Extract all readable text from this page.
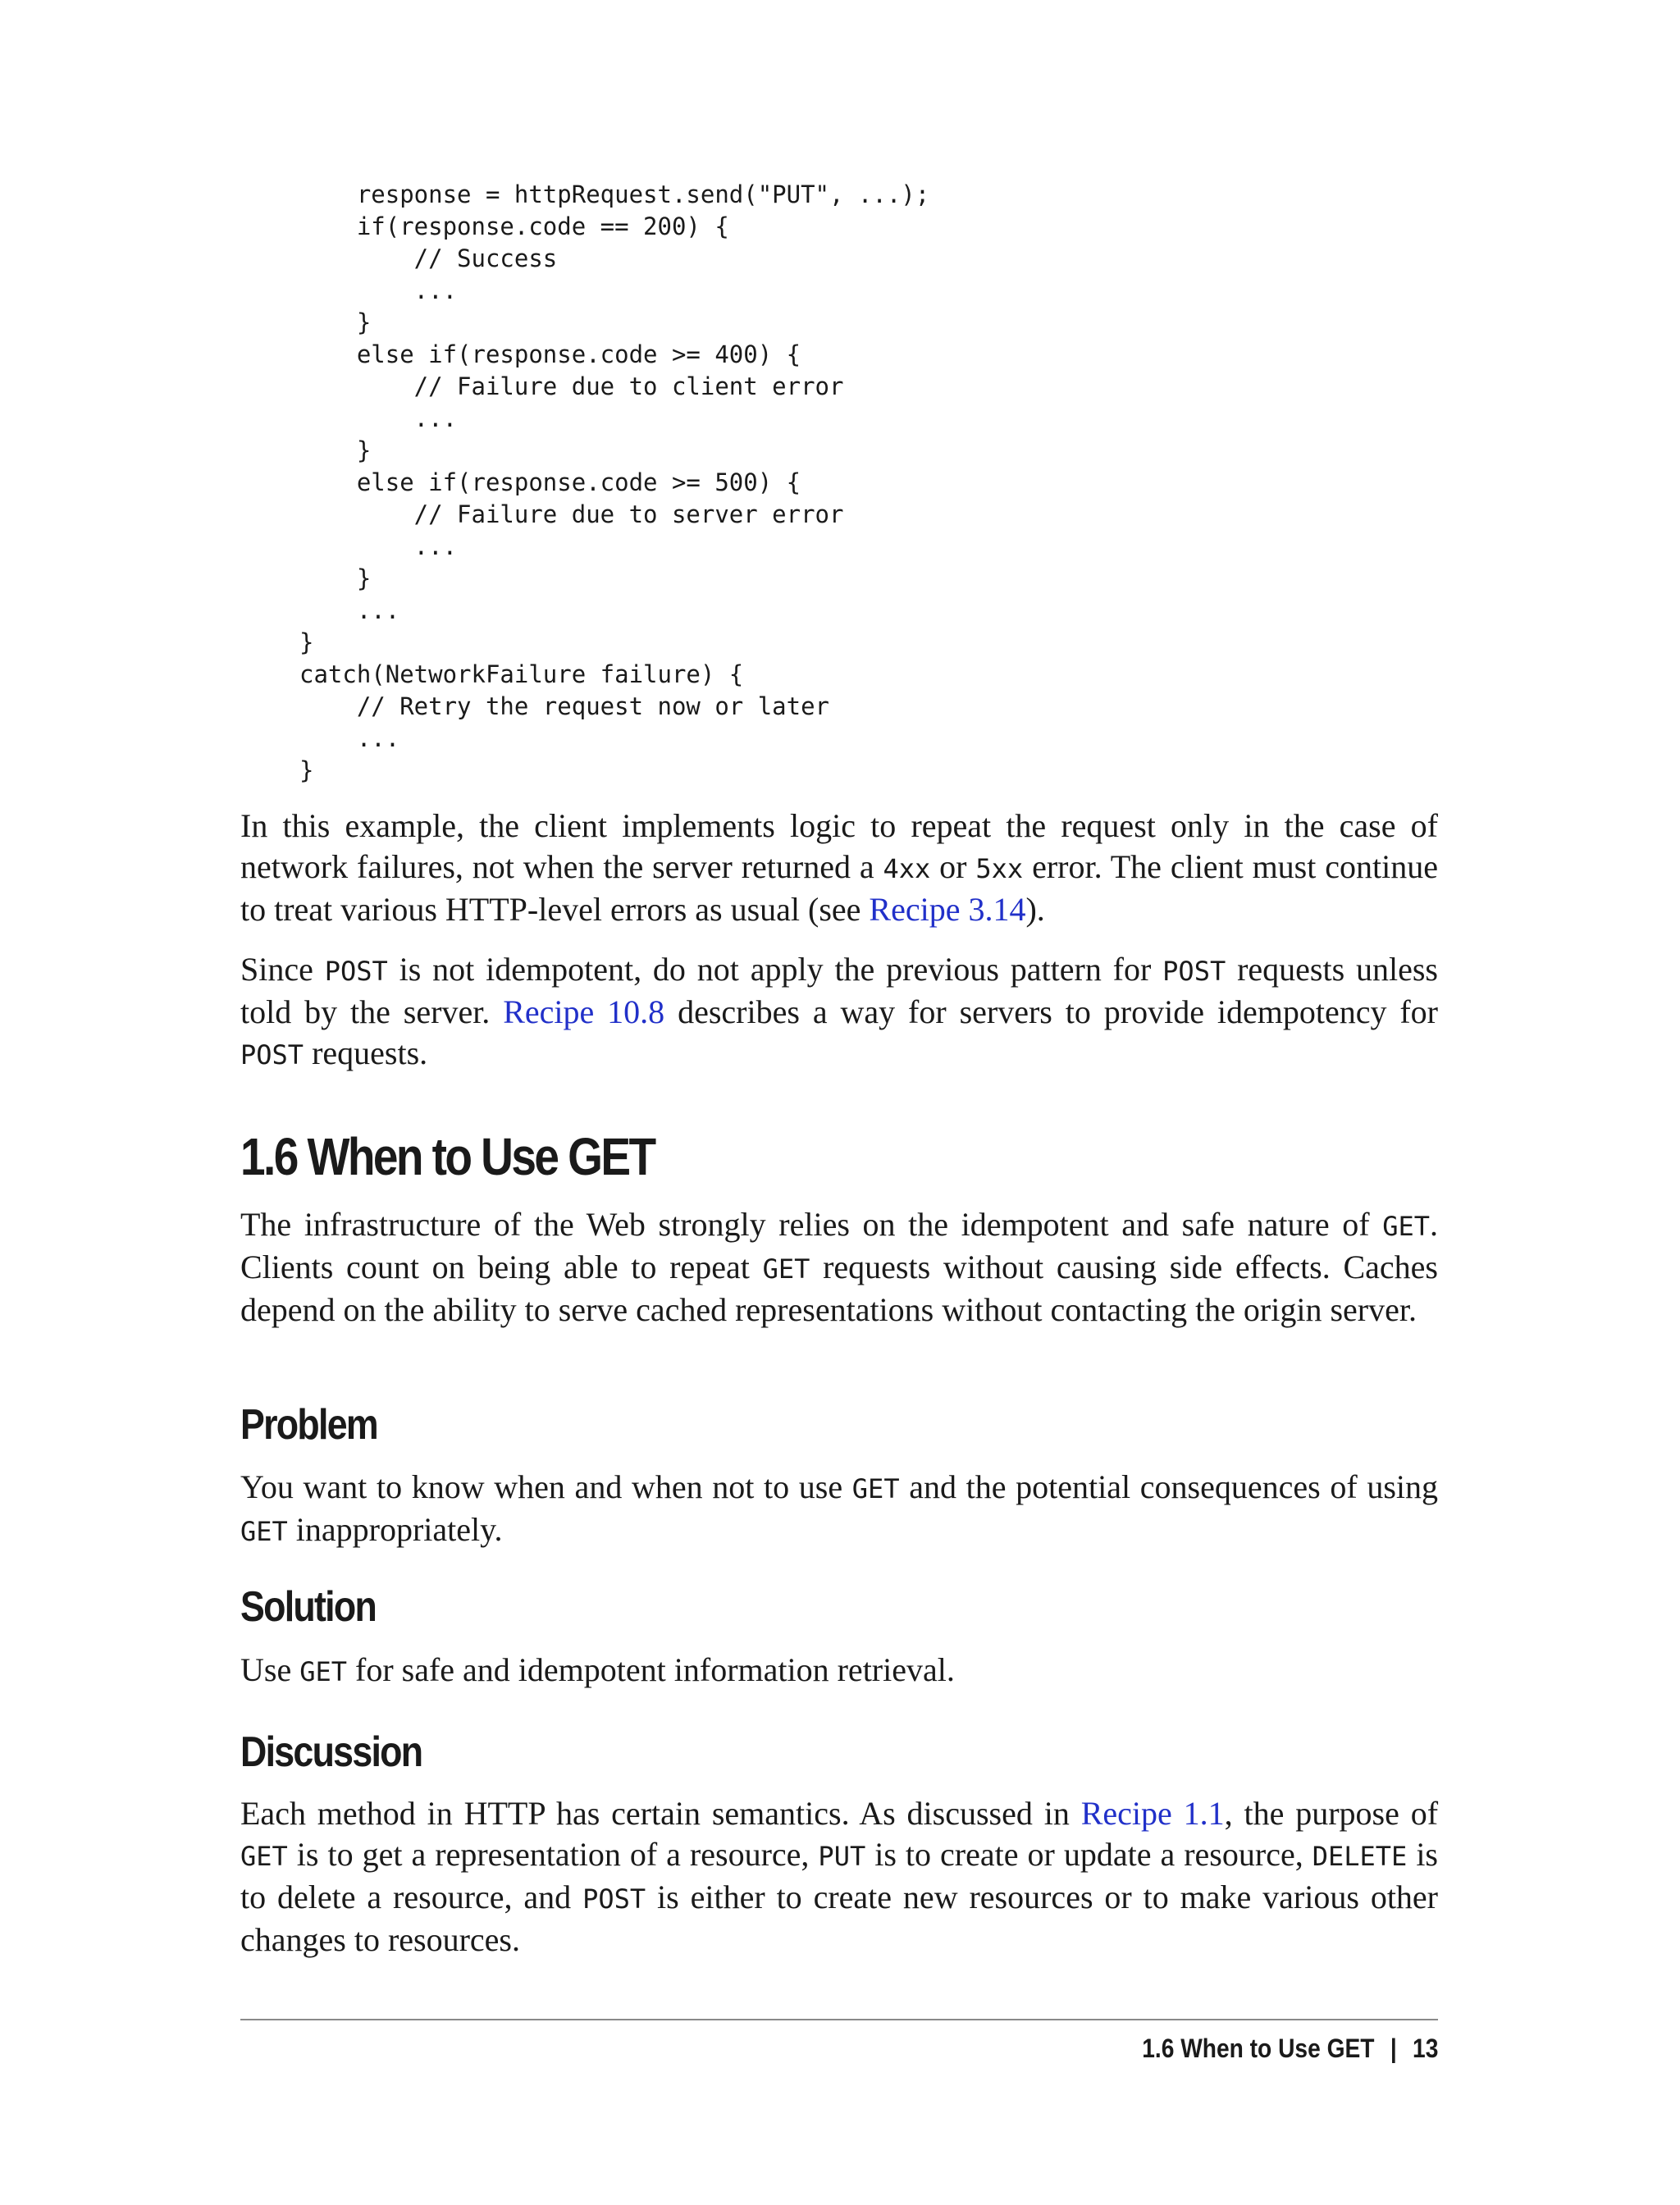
response = httpRequest.send("PUT", ...);
if(response.code == 200) {
// Success
...
}
else if(response.code >= 400) {
// Failure due to client error
...
}
else if(response.code >= 500) {
// Failure due to server error
...
}
...
}
catch(NetworkFailure failure) {
// Retry the request now or later
...
}

In this example, the client implements logic to repeat the request only in the case of network failures, not when the server returned a 4xx or 5xx error. The client must continue to treat various HTTP-level errors as usual (see Recipe 3.14).

Since POST is not idempotent, do not apply the previous pattern for POST requests unless told by the server. Recipe 10.8 describes a way for servers to provide idempotency for POST requests.

1.6 When to Use GET

The infrastructure of the Web strongly relies on the idempotent and safe nature of GET. Clients count on being able to repeat GET requests without causing side effects. Caches depend on the ability to serve cached representations without contacting the origin server.

Problem

You want to know when and when not to use GET and the potential consequences of using GET inappropriately.

Solution

Use GET for safe and idempotent information retrieval.

Discussion

Each method in HTTP has certain semantics. As discussed in Recipe 1.1, the purpose of GET is to get a representation of a resource, PUT is to create or update a resource, DELETE is to delete a resource, and POST is either to create new resources or to make various other changes to resources.

1.6 When to Use GET | 13
